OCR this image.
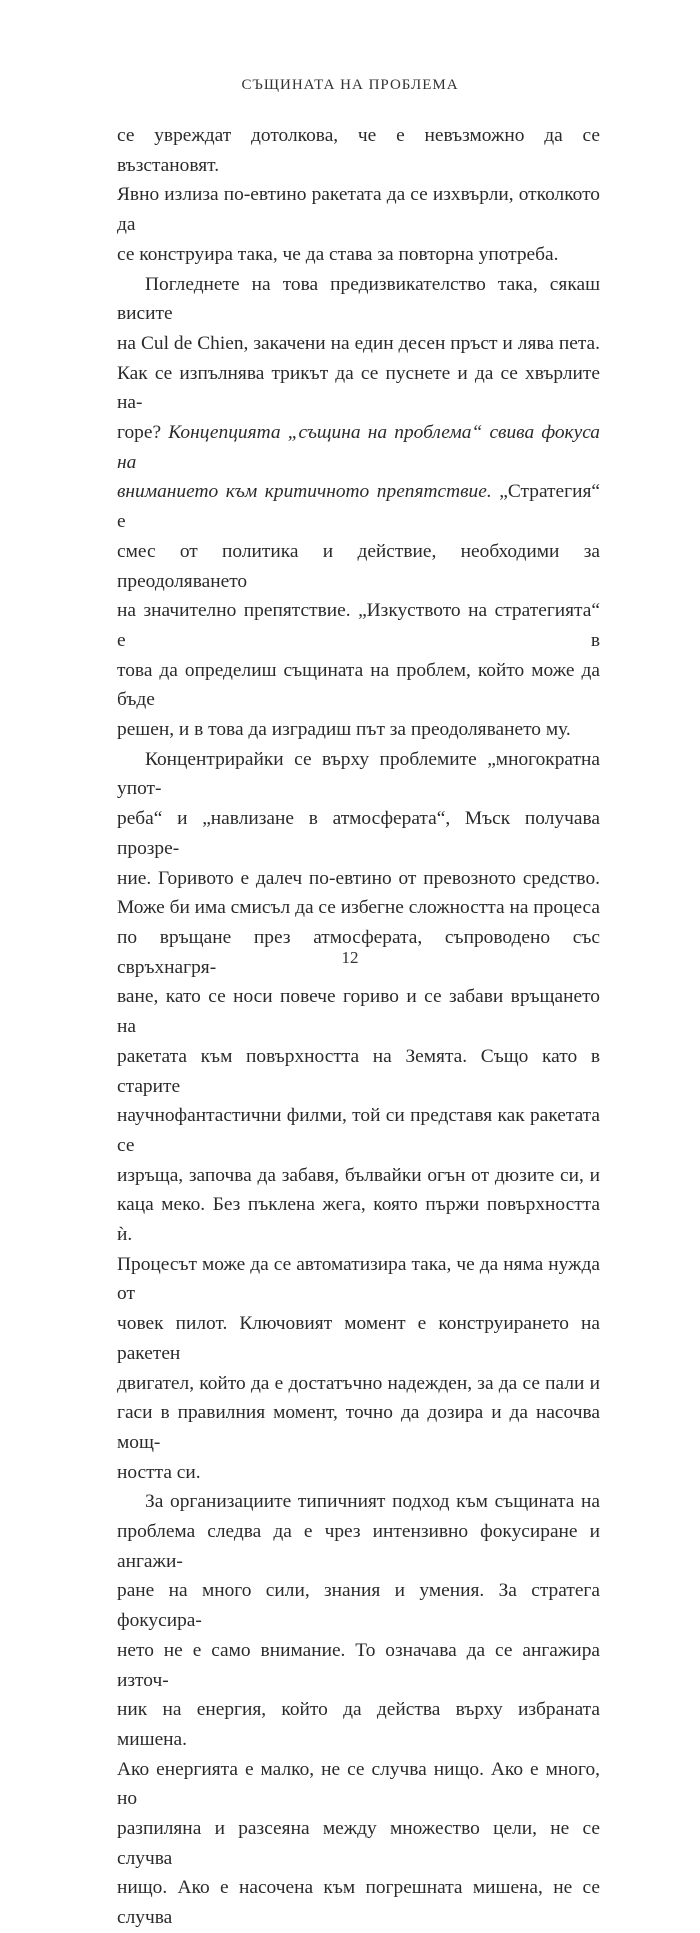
СЪЩИНАТА НА ПРОБЛЕМА

се увреждат дотолкова, че е невъзможно да се възстановят.

Явно излиза по-евтино ракетата да се изхвърли, отколкото да

се конструира така, че да става за повторна употреба.

Погледнете на това предизвикателство така, сякаш висите

на Cul de Chien, закачени на един десен пръст и лява пета.

Как се изпълнява трикът да се пуснете и да се хвърлите на-

горе? Концепцията „същина на проблема“ свива фокуса на

вниманието към критичното препятствие. „Стратегия“ е

смес от политика и действие, необходими за преодоляването

на значително препятствие. „Изкуството на стратегията“ е в

това да определиш същината на проблем, който може да бъде

решен, и в това да изградиш път за преодоляването му.

Концентрирайки се върху проблемите „многократна упот-

реба“ и „навлизане в атмосферата“, Мъск получава прозре-

ние. Горивото е далеч по-евтино от превозното средство.

Може би има смисъл да се избегне сложността на процеса

по връщане през атмосферата, съпроводено със свръхнагря-

ване, като се носи повече гориво и се забави връщането на

ракетата към повърхността на Земята. Също като в старите

научнофантастични филми, той си представя как ракетата се

изръща, започва да забавя, бълвайки огън от дюзите си, и

каца меко. Без пъклена жега, която пържи повърхността ѝ.

Процесът може да се автоматизира така, че да няма нужда от

човек пилот. Ключовият момент е конструирането на ракетен

двигател, който да е достатъчно надежден, за да се пали и

гаси в правилния момент, точно да дозира и да насочва мощ-

ността си.

За организациите типичният подход към същината на

проблема следва да е чрез интензивно фокусиране и ангажи-

ране на много сили, знания и умения. За стратега фокусира-

нето не е само внимание. То означава да се ангажира източ-

ник на енергия, който да действа върху избраната мишена.

Ако енергията е малко, не се случва нищо. Ако е много, но

разпиляна и разсеяна между множество цели, не се случва

нищо. Ако е насочена към погрешната мишена, не се случва

12
